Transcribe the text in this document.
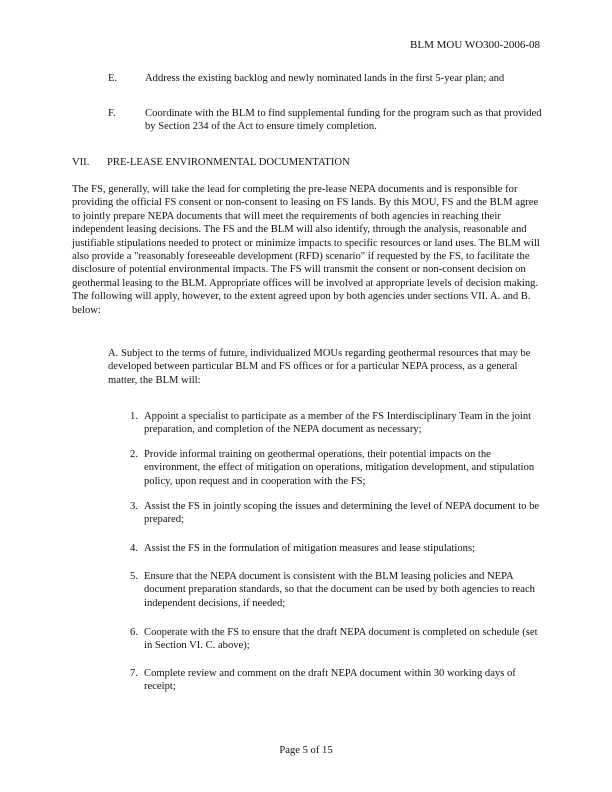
BLM MOU WO300-2006-08
E.	Address the existing backlog and newly nominated lands in the first 5-year plan; and
F.	Coordinate with the BLM to find supplemental funding for the program such as that provided by Section 234 of the Act to ensure timely completion.
VII. PRE-LEASE ENVIRONMENTAL DOCUMENTATION
The FS, generally, will take the lead for completing the pre-lease NEPA documents and is responsible for providing the official FS consent or non-consent to leasing on FS lands. By this MOU, FS and the BLM agree to jointly prepare NEPA documents that will meet the requirements of both agencies in reaching their independent leasing decisions. The FS and the BLM will also identify, through the analysis, reasonable and justifiable stipulations needed to protect or minimize impacts to specific resources or land uses. The BLM will also provide a "reasonably foreseeable development (RFD) scenario" if requested by the FS, to facilitate the disclosure of potential environmental impacts. The FS will transmit the consent or non-consent decision on geothermal leasing to the BLM. Appropriate offices will be involved at appropriate levels of decision making. The following will apply, however, to the extent agreed upon by both agencies under sections VII. A. and B. below:
A. Subject to the terms of future, individualized MOUs regarding geothermal resources that may be developed between particular BLM and FS offices or for a particular NEPA process, as a general matter, the BLM will:
1. Appoint a specialist to participate as a member of the FS Interdisciplinary Team in the joint preparation, and completion of the NEPA document as necessary;
2. Provide informal training on geothermal operations, their potential impacts on the environment, the effect of mitigation on operations, mitigation development, and stipulation policy, upon request and in cooperation with the FS;
3. Assist the FS in jointly scoping the issues and determining the level of NEPA document to be prepared;
4. Assist the FS in the formulation of mitigation measures and lease stipulations;
5. Ensure that the NEPA document is consistent with the BLM leasing policies and NEPA document preparation standards, so that the document can be used by both agencies to reach independent decisions, if needed;
6. Cooperate with the FS to ensure that the draft NEPA document is completed on schedule (set in Section VI. C. above);
7. Complete review and comment on the draft NEPA document within 30 working days of receipt;
Page 5 of 15
